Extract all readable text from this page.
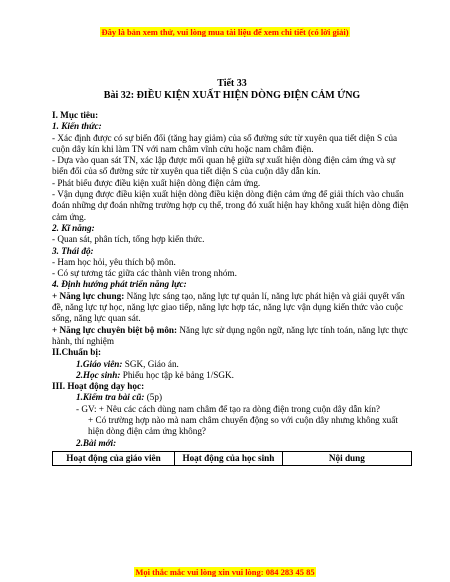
Đây là bản xem thử, vui lòng mua tài liệu để xem chi tiết (có lời giải)

Tiết 33

Bài 32: ĐIỀU KIỆN XUẤT HIỆN DÒNG ĐIỆN CẢM ỨNG

I. Mục tiêu:

1. Kiến thức:

- Xác định được có sự biến đổi (tăng hay giảm) của số đường sức từ xuyên qua tiết diện S của cuộn dây kín khi làm TN với nam châm vĩnh cửu hoặc nam châm điện.

- Dựa vào quan sát TN, xác lập được mối quan hệ giữa sự xuất hiện dòng điện cảm ứng và sự biến đổi của số đường sức từ xuyên qua tiết diện S của cuộn dây dẫn kín.

- Phát biểu được điều kiện xuất hiện dòng điện cảm ứng.

- Vận dụng được điều kiện xuất hiện dòng điều kiện dòng điện cảm ứng để giải thích vào chuẩn đoán những dự đoán những trường hợp cụ thể, trong đó xuất hiện hay không xuất hiện dòng điện cảm ứng.

2. Kĩ năng:

- Quan sát, phân tích, tổng hợp kiến thức.

3. Thái độ:

- Ham học hỏi, yêu thích bộ môn.

- Có sự tương tác giữa các thành viên trong nhóm.

4. Định hướng phát triển năng lực:

+ Năng lực chung: Năng lực sáng tạo, năng lực tự quản lí, năng lực phát hiện và giải quyết vấn đề, năng lực tự học, năng lực giao tiếp, năng lực hợp tác, năng lực vận dụng kiến thức vào cuộc sống, năng lực quan sát.

+ Năng lực chuyên biệt bộ môn: Năng lực sử dụng ngôn ngữ, năng lực tính toán, năng lực thực hành, thí nghiệm

II.Chuẩn bị:

1.Giáo viên: SGK, Giáo án.

2.Học sinh: Phiếu học tập kẻ bảng 1/SGK.

III. Hoạt động dạy học:

1.Kiểm tra bài cũ: (5p)

- GV: + Nêu các cách dùng nam châm để tạo ra dòng điện trong cuộn dây dẫn kín?

+ Có trường hợp nào mà nam châm chuyển động so với cuộn dây nhưng không xuất hiện dòng điện cảm ứng không?

2.Bài mới:

Hoạt động của giáo viên	Hoạt động của học sinh	Nội dung
Mọi thắc mắc vui lòng xin vui lòng: 084 283 45 85
